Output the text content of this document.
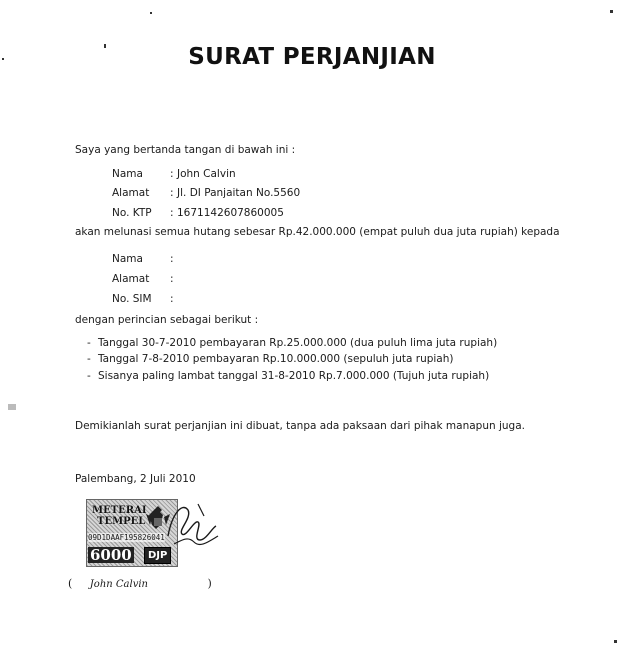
SURAT PERJANJIAN
Saya yang bertanda tangan di bawah ini :
Nama	: John Calvin
Alamat : Jl. DI Panjaitan No.5560
No. KTP : 1671142607860005
akan melunasi semua hutang sebesar Rp.42.000.000 (empat puluh dua juta rupiah) kepada
Nama	:
Alamat :
No. SIM :
dengan perincian sebagai berikut :
- Tanggal 30-7-2010 pembayaran Rp.25.000.000 (dua puluh lima juta rupiah)
- Tanggal 7-8-2010 pembayaran Rp.10.000.000 (sepuluh juta rupiah)
- Sisanya paling lambat tanggal 31-8-2010 Rp.7.000.000 (Tujuh juta rupiah)
Demikianlah surat perjanjian ini dibuat, tanpa ada paksaan dari pihak manapun juga.
Palembang, 2 Juli 2010
METERAI
TEMPEL
09D1DAAF195826041
6000	DJP
( John Calvin	)
